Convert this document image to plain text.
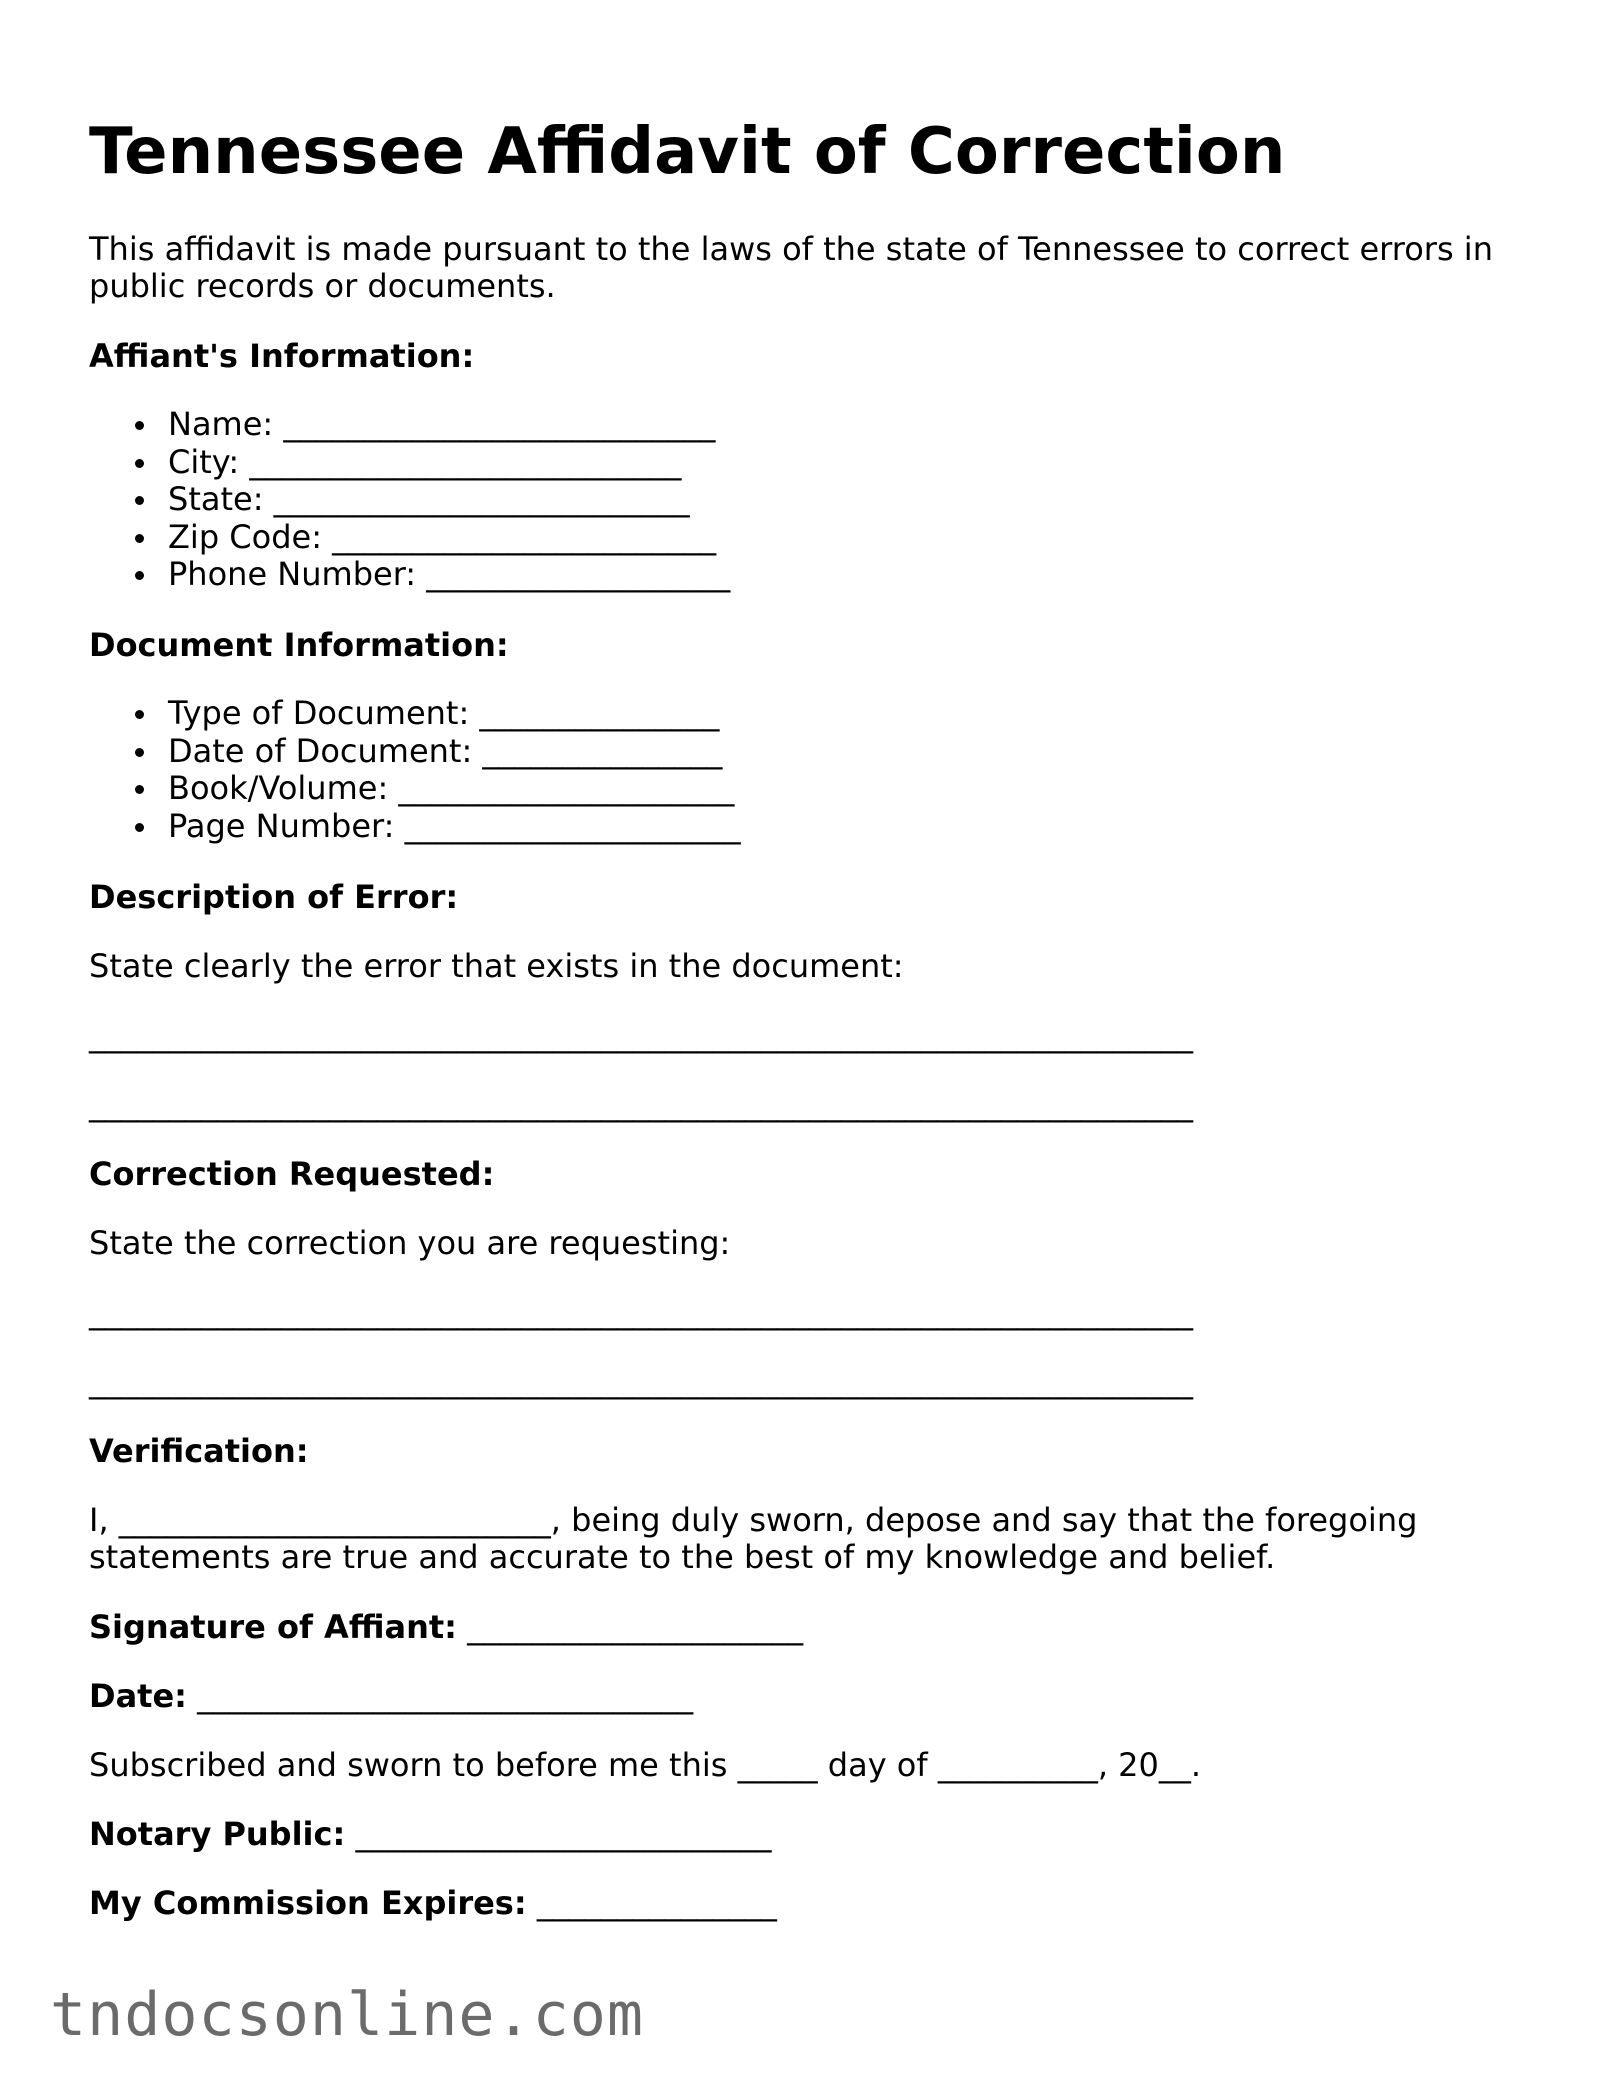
Tennessee Affidavit of Correction

This affidavit is made pursuant to the laws of the state of Tennessee to correct errors in

public records or documents.

Affiant's Information:

Name: ___________________________
City: ___________________________
State: __________________________
Zip Code: ________________________
Phone Number: ___________________

Document Information:

Type of Document: _______________
Date of Document: _______________
Book/Volume: _____________________
Page Number: _____________________

Description of Error:

State clearly the error that exists in the document:

_____________________________________________________________________

_____________________________________________________________________

Correction Requested:

State the correction you are requesting:

_____________________________________________________________________

_____________________________________________________________________

Verification:

I, ___________________________, being duly sworn, depose and say that the foregoing

statements are true and accurate to the best of my knowledge and belief.

Signature of Affiant: _____________________

Date: _______________________________

Subscribed and sworn to before me this _____ day of __________, 20__.

Notary Public: __________________________

My Commission Expires: _______________

tndocsonline.com
